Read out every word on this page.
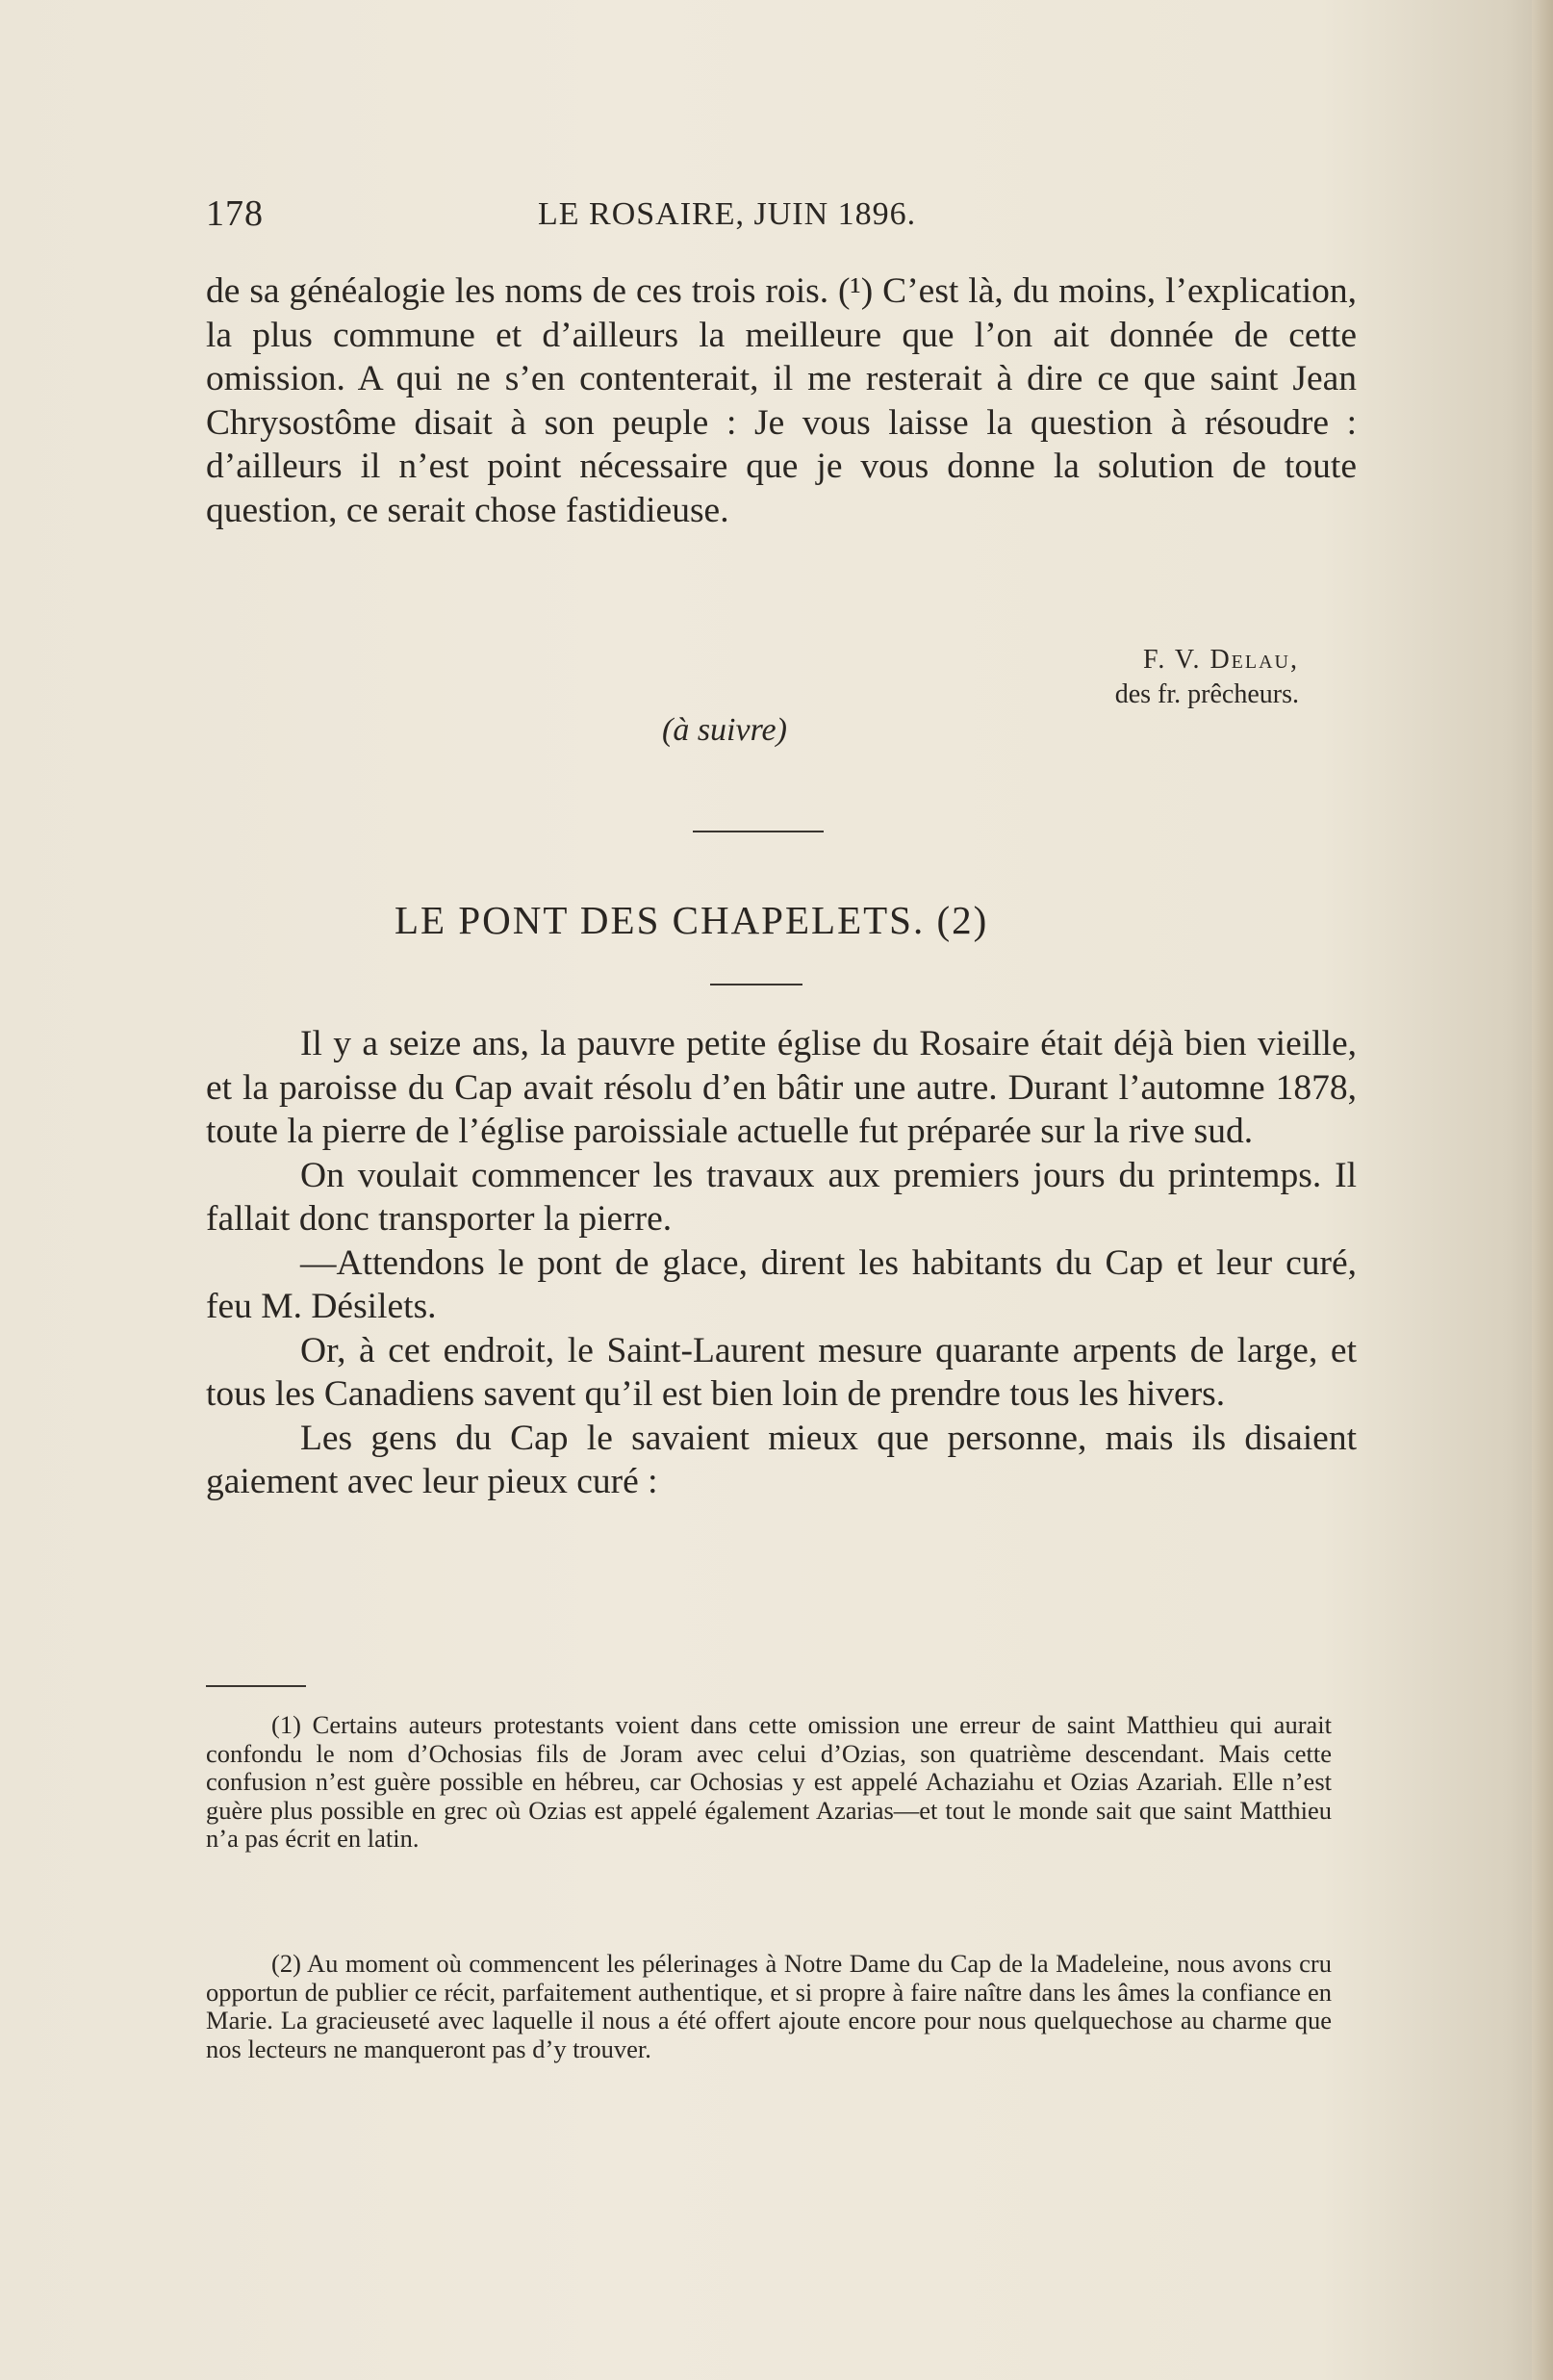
178	LE ROSAIRE, JUIN 1896.

de sa généalogie les noms de ces trois rois. (¹) C’est là, du moins, l’explication, la plus commune et d’ailleurs la meilleure que l’on ait donnée de cette omission. A qui ne s’en contenterait, il me resterait à dire ce que saint Jean Chrysostôme disait à son peuple : Je vous laisse la question à résoudre : d’ailleurs il n’est point nécessaire que je vous donne la solution de toute question, ce serait chose fastidieuse.

F. V. Delau,
des fr. prêcheurs.
(à suivre)
LE PONT DES CHAPELETS. (2)

Il y a seize ans, la pauvre petite église du Rosaire était déjà bien vieille, et la paroisse du Cap avait résolu d’en bâtir une autre. Durant l’automne 1878, toute la pierre de l’église paroissiale actuelle fut préparée sur la rive sud.

On voulait commencer les travaux aux premiers jours du printemps. Il fallait donc transporter la pierre.

—Attendons le pont de glace, dirent les habitants du Cap et leur curé, feu M. Désilets.

Or, à cet endroit, le Saint-Laurent mesure quarante arpents de large, et tous les Canadiens savent qu’il est bien loin de prendre tous les hivers.

Les gens du Cap le savaient mieux que personne, mais ils disaient gaiement avec leur pieux curé :

(1) Certains auteurs protestants voient dans cette omission une erreur de saint Matthieu qui aurait confondu le nom d’Ochosias fils de Joram avec celui d’Ozias, son quatrième descendant. Mais cette confusion n’est guère possible en hébreu, car Ochosias y est appelé Achaziahu et Ozias Azariah. Elle n’est guère plus possible en grec où Ozias est appelé également Azarias—et tout le monde sait que saint Matthieu n’a pas écrit en latin.

(2) Au moment où commencent les pélerinages à Notre Dame du Cap de la Madeleine, nous avons cru opportun de publier ce récit, parfaitement authentique, et si propre à faire naître dans les âmes la confiance en Marie. La gracieuseté avec laquelle il nous a été offert ajoute encore pour nous quelquechose au charme que nos lecteurs ne manqueront pas d’y trouver.
